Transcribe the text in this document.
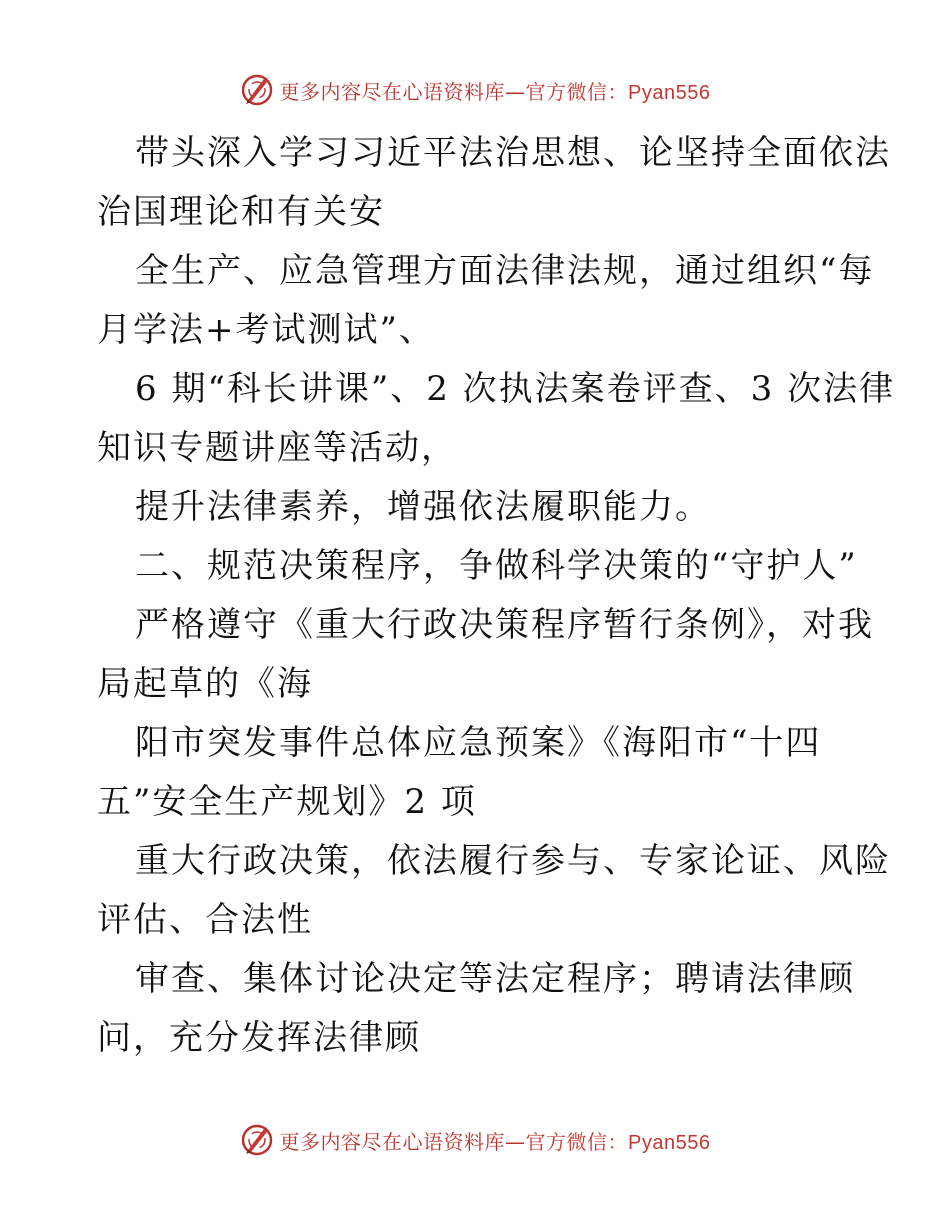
更多内容尽在心语资料库—官方微信：Pyan556
带头深入学习习近平法治思想、论坚持全面依法
治国理论和有关安
全生产、应急管理方面法律法规，通过组织“每
月学法+考试测试”、
6 期“科长讲课”、2 次执法案卷评查、3 次法律
知识专题讲座等活动，
提升法律素养，增强依法履职能力。
二、规范决策程序，争做科学决策的“守护人”
严格遵守《重大行政决策程序暂行条例》，对我
局起草的《海
阳市突发事件总体应急预案》《海阳市“十四
五”安全生产规划》2 项
重大行政决策，依法履行参与、专家论证、风险
评估、合法性
审查、集体讨论决定等法定程序；聘请法律顾
问，充分发挥法律顾
更多内容尽在心语资料库—官方微信：Pyan556
